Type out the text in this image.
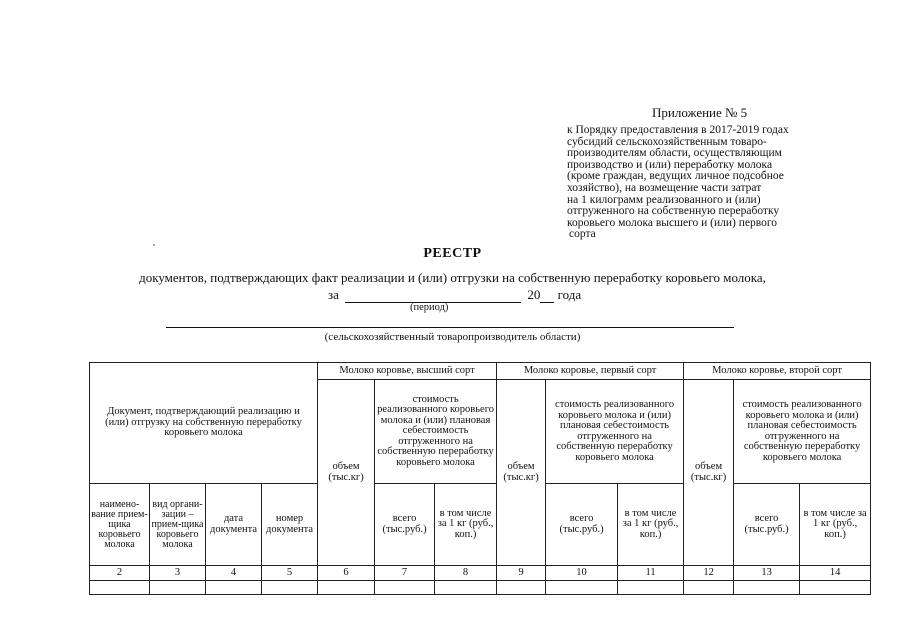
Приложение № 5
к Порядку предоставления в 2017-2019 годах
субсидий сельскохозяйственным товаро-
производителям области, осуществляющим
производство и (или) переработку молока
(кроме граждан, ведущих личное подсобное
хозяйство), на возмещение части затрат
на 1 килограмм реализованного и (или)
отгруженного на собственную переработку
коровьего молока высшего и (или) первого
сорта
РЕЕСТР
документов, подтверждающих факт реализации и (или) отгрузки на собственную переработку коровьего молока,
за	20 года
(период)
(сельскохозяйственный товаропроизводитель области)
Документ, подтверждающий реализацию и (или) отгрузку на собственную переработку коровьего молока				Молоко коровье, высший сорт			Молоко коровье, первый сорт			Молоко коровье, второй сорт		
				объем (тыс.кг)	стоимость реализованного коровьего молока и (или) плановая себестоимость отгруженного на собственную переработку коровьего молока		объем (тыс.кг)	стоимость реализованного коровьего молока и (или) плановая себестоимость отгруженного на собственную переработку коровьего молока		объем (тыс.кг)	стоимость реализованного коровьего молока и (или) плановая себестоимость отгруженного на собственную переработку коровьего молока	
наимено-вание прием-щика коровьего молока	вид органи-зации – прием-щика коровьего молока	дата документа	номер документа		всего (тыс.руб.)	в том числе за 1 кг (руб., коп.)		всего (тыс.руб.)	в том числе за 1 кг (руб., коп.)		всего (тыс.руб.)	в том числе за 1 кг (руб., коп.)
2	3	4	5	6	7	8	9	10	11	12	13	14
